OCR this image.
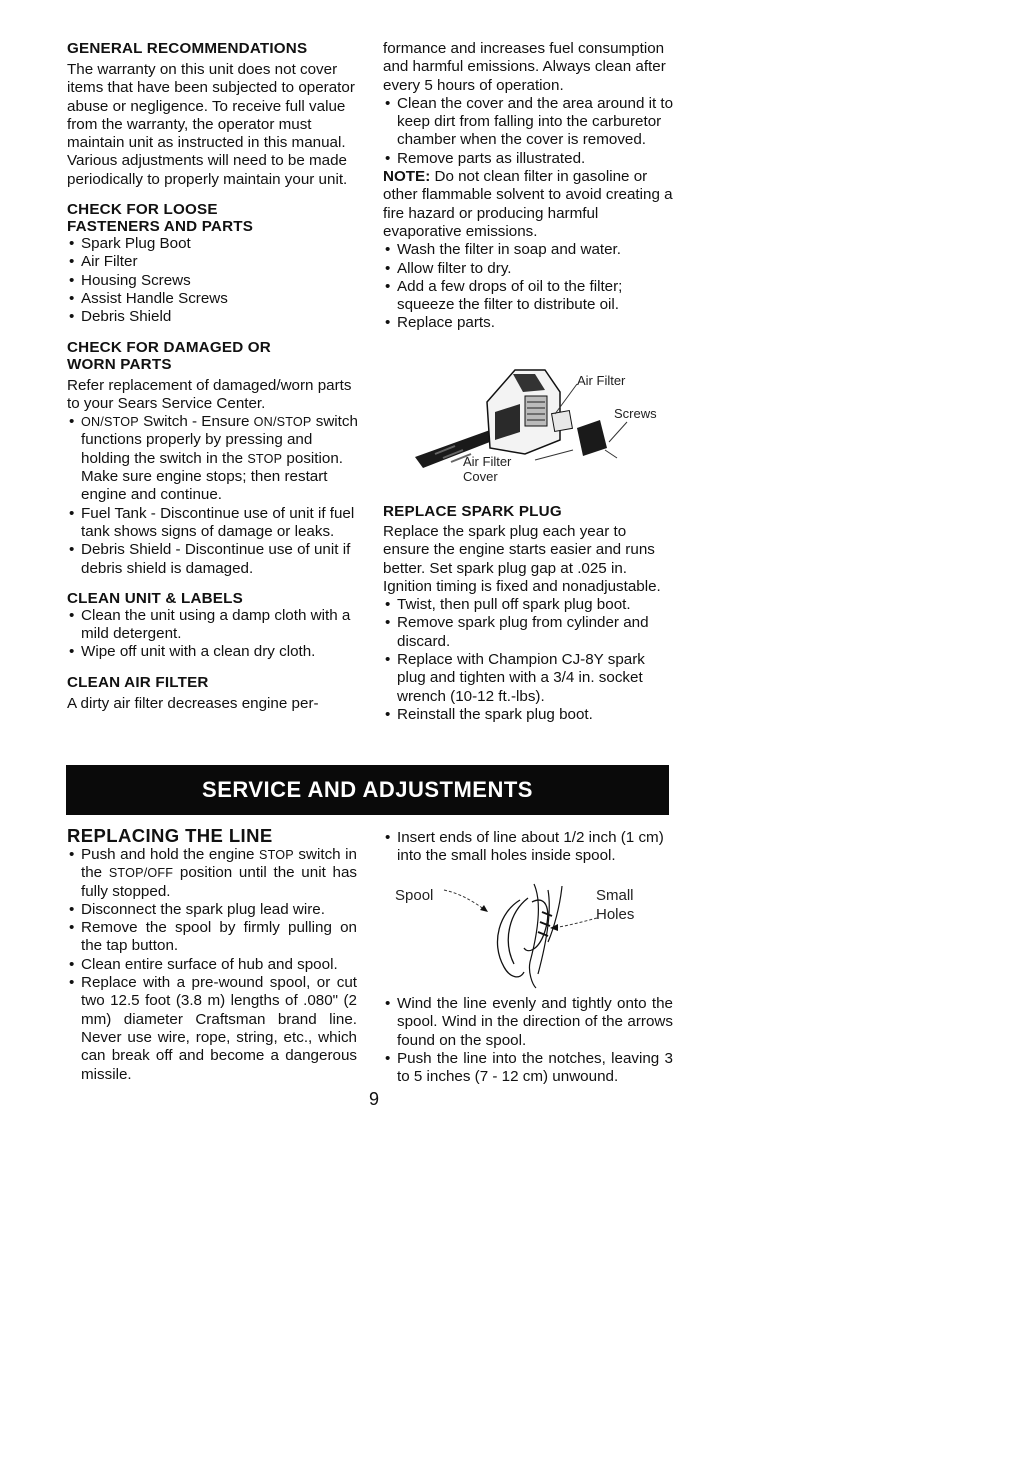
GENERAL RECOMMENDATIONS

The warranty on this unit does not cover items that have been subjected to operator abuse or negligence. To receive full value from the warranty, the operator must maintain unit as instructed in this manual. Various adjustments will need to be made periodically to properly maintain your unit.

CHECK FOR LOOSE

FASTENERS AND PARTS

• Spark Plug Boot
• Air Filter
• Housing Screws
• Assist Handle Screws
• Debris Shield

CHECK FOR DAMAGED OR

WORN PARTS

Refer replacement of damaged/worn parts to your Sears Service Center.

• ON/STOP Switch - Ensure ON/STOP switch functions properly by pressing and holding the switch in the STOP position. Make sure engine stops; then restart engine and continue.
• Fuel Tank - Discontinue use of unit if fuel tank shows signs of damage or leaks.
• Debris Shield - Discontinue use of unit if debris shield is damaged.

CLEAN UNIT & LABELS

• Clean the unit using a damp cloth with a mild detergent.
• Wipe off unit with a clean dry cloth.

CLEAN AIR FILTER

A dirty air filter decreases engine per-

formance and increases fuel consumption and harmful emissions. Always clean after every 5 hours of operation.

• Clean the cover and the area around it to keep dirt from falling into the carburetor chamber when the cover is removed.
• Remove parts as illustrated.

NOTE: Do not clean filter in gasoline or other flammable solvent to avoid creating a fire hazard or producing harmful evaporative emissions.

• Wash the filter in soap and water.
• Allow filter to dry.
• Add a few drops of oil to the filter; squeeze the filter to distribute oil.
• Replace parts.
Air Filter
Screws
Air Filter
Cover

REPLACE SPARK PLUG

Replace the spark plug each year to ensure the engine starts easier and runs better. Set spark plug gap at .025 in. Ignition timing is fixed and nonadjustable.

• Twist, then pull off spark plug boot.
• Remove spark plug from cylinder and discard.
• Replace with Champion CJ-8Y spark plug and tighten with a 3/4 in. socket wrench (10-12 ft.-lbs).
• Reinstall the spark plug boot.
SERVICE AND ADJUSTMENTS

REPLACING THE LINE

• Push and hold the engine STOP switch in the STOP/OFF position until the unit has fully stopped.
• Disconnect the spark plug lead wire.
• Remove the spool by firmly pulling on the tap button.
• Clean entire surface of hub and spool.
• Replace with a pre-wound spool, or cut two 12.5 foot (3.8 m) lengths of .080" (2 mm) diameter Craftsman brand line. Never use wire, rope, string, etc., which can break off and become a dangerous missile.
• Insert ends of line about 1/2 inch (1 cm) into the small holes inside spool.
Spool	Small
Holes
• Wind the line evenly and tightly onto the spool. Wind in the direction of the arrows found on the spool.
• Push the line into the notches, leaving 3 to 5 inches (7 - 12 cm) unwound.
9
